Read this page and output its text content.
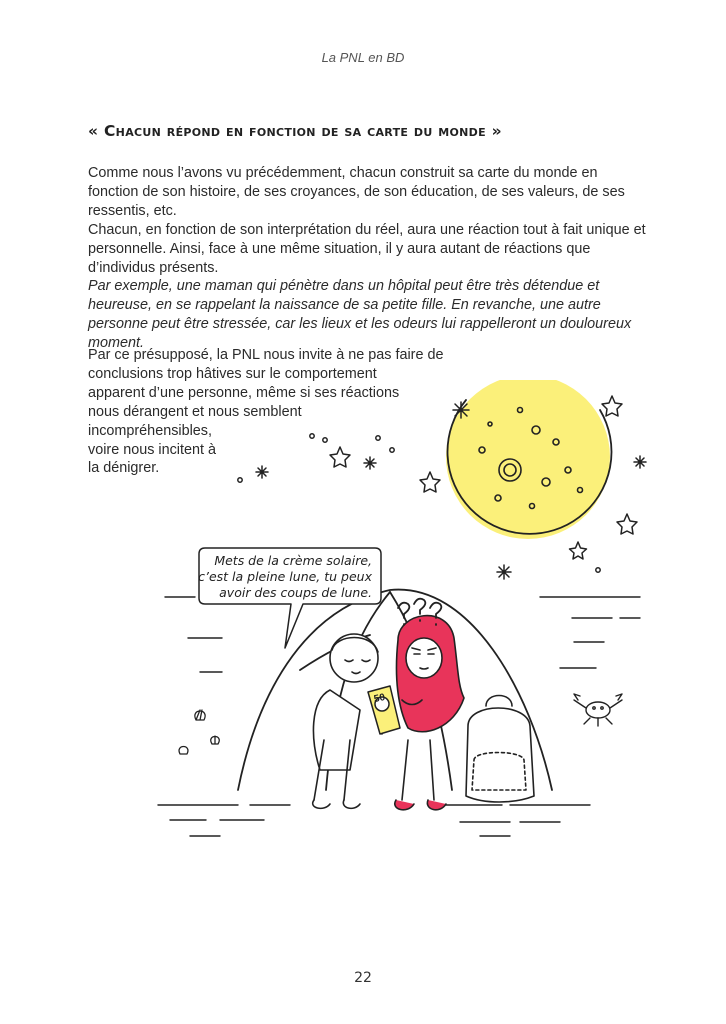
La PNL en BD
« Chacun répond en fonction de sa carte du monde »

Comme nous l’avons vu précédemment, chacun construit sa carte du monde en fonction de son histoire, de ses croyances, de son éducation, de ses valeurs, de ses ressentis, etc.

Chacun, en fonction de son interprétation du réel, aura une réaction tout à fait unique et personnelle. Ainsi, face à une même situation, il y aura autant de réactions que d’individus présents.

Par exemple, une maman qui pénètre dans un hôpital peut être très détendue et heureuse, en se rappelant la naissance de sa petite fille. En revanche, une autre personne peut être stressée, car les lieux et les odeurs lui rappelleront un douloureux moment.

Par ce présupposé, la PNL nous invite à ne pas faire de
conclusions trop hâtives sur le comportement
apparent d’une personne, même si ses réactions
nous dérangent et nous semblent
incompréhensibles,
voire nous incitent à
la dénigrer.
Mets de la crème solaire,
c’est la pleine lune, tu peux
avoir des coups de lune.
50
22
